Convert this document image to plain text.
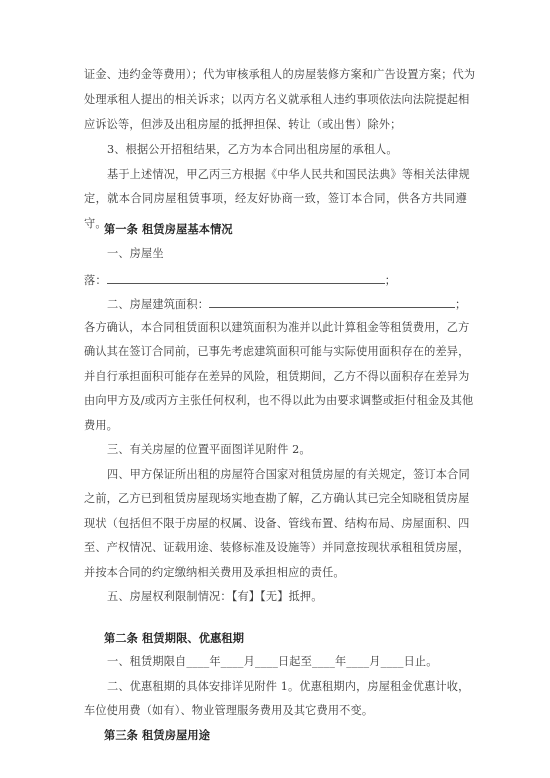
证金、违约金等费用）；代为审核承租人的房屋装修方案和广告设置方案；代为
处理承租人提出的相关诉求；以丙方名义就承租人违约事项依法向法院提起相
应诉讼等，但涉及出租房屋的抵押担保、转让（或出售）除外；
3、根据公开招租结果，乙方为本合同出租房屋的承租人。
基于上述情况，甲乙丙三方根据《中华人民共和国民法典》等相关法律规
定，就本合同房屋租赁事项，经友好协商一致，签订本合同，供各方共同遵
守。
第一条 租赁房屋基本情况
一、房屋坐
落：	；
二、房屋建筑面积：	；
各方确认，本合同租赁面积以建筑面积为准并以此计算租金等租赁费用，乙方
确认其在签订合同前，已事先考虑建筑面积可能与实际使用面积存在的差异，
并自行承担面积可能存在差异的风险，租赁期间，乙方不得以面积存在差异为
由向甲方及/或丙方主张任何权利，也不得以此为由要求调整或拒付租金及其他
费用。
三、有关房屋的位置平面图详见附件 2。
四、甲方保证所出租的房屋符合国家对租赁房屋的有关规定，签订本合同
之前，乙方已到租赁房屋现场实地查勘了解，乙方确认其已完全知晓租赁房屋
现状（包括但不限于房屋的权属、设备、管线布置、结构布局、房屋面积、四
至、产权情况、证载用途、装修标准及设施等）并同意按现状承租租赁房屋，
并按本合同的约定缴纳相关费用及承担相应的责任。
五、房屋权利限制情况：【有】【无】抵押。
第二条 租赁期限、优惠租期
一、租赁期限自____年____月____日起至____年____月____日止。
二、优惠租期的具体安排详见附件 1。优惠租期内，房屋租金优惠计收，
车位使用费（如有）、物业管理服务费用及其它费用不变。
第三条 租赁房屋用途
